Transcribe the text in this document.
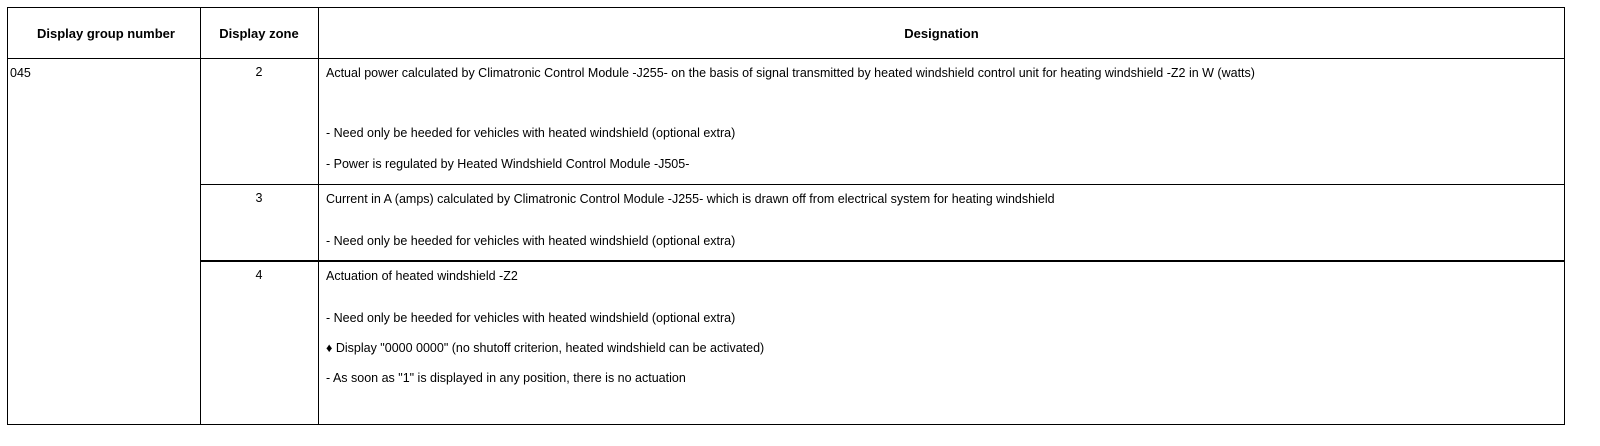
Display group number	Display zone	Designation
045	2	Actual power calculated by Climatronic Control Module -J255- on the basis of signal transmitted by heated windshield control unit for heating windshield -Z2 in W (watts)
- Need only be heeded for vehicles with heated windshield (optional extra)
- Power is regulated by Heated Windshield Control Module -J505-
3	Current in A (amps) calculated by Climatronic Control Module -J255- which is drawn off from electrical system for heating windshield
- Need only be heeded for vehicles with heated windshield (optional extra)
4	Actuation of heated windshield -Z2
- Need only be heeded for vehicles with heated windshield (optional extra)
♦ Display "0000 0000" (no shutoff criterion, heated windshield can be activated)
- As soon as "1" is displayed in any position, there is no actuation
